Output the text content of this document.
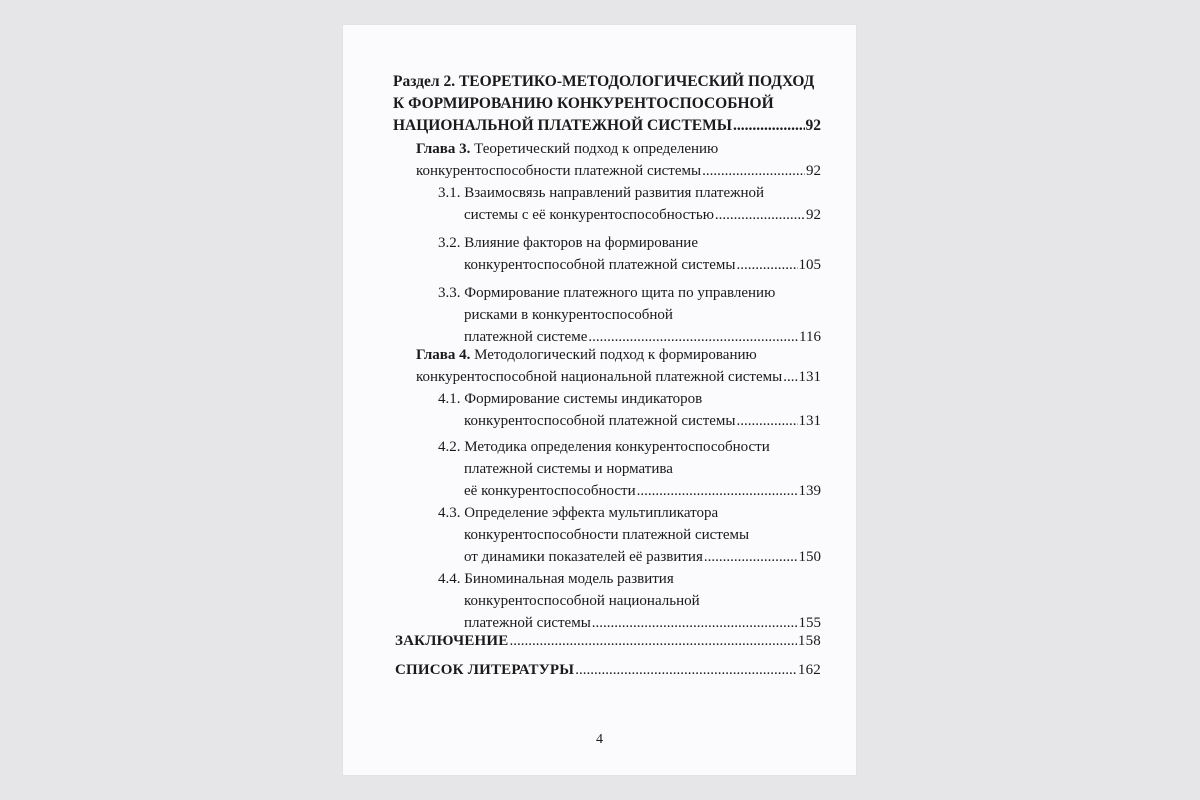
Раздел 2. ТЕОРЕТИКО-МЕТОДОЛОГИЧЕСКИЙ ПОДХОД
К ФОРМИРОВАНИЮ КОНКУРЕНТОСПОСОБНОЙ
НАЦИОНАЛЬНОЙ ПЛАТЕЖНОЙ СИСТЕМЫ .....	92
Глава 3. Теоретический подход к определению
конкурентоспособности платежной системы .....	92
3.1. Взаимосвязь направлений развития платежной
системы с её конкурентоспособностью .....	92
3.2. Влияние факторов на формирование
конкурентоспособной платежной системы .....	105
3.3. Формирование платежного щита по управлению
рисками в конкурентоспособной
платежной системе .....	116
Глава 4. Методологический подход к формированию
конкурентоспособной национальной платежной системы ..... 131
4.1. Формирование системы индикаторов
конкурентоспособной платежной системы .....	131
4.2. Методика определения конкурентоспособности
платежной системы и норматива
её конкурентоспособности .....	139
4.3. Определение эффекта мультипликатора
конкурентоспособности платежной системы
от динамики показателей её развития .....	150
4.4. Биноминальная модель развития
конкурентоспособной национальной
платежной системы .....	155
ЗАКЛЮЧЕНИЕ .....	158
СПИСОК ЛИТЕРАТУРЫ .....	162
4
